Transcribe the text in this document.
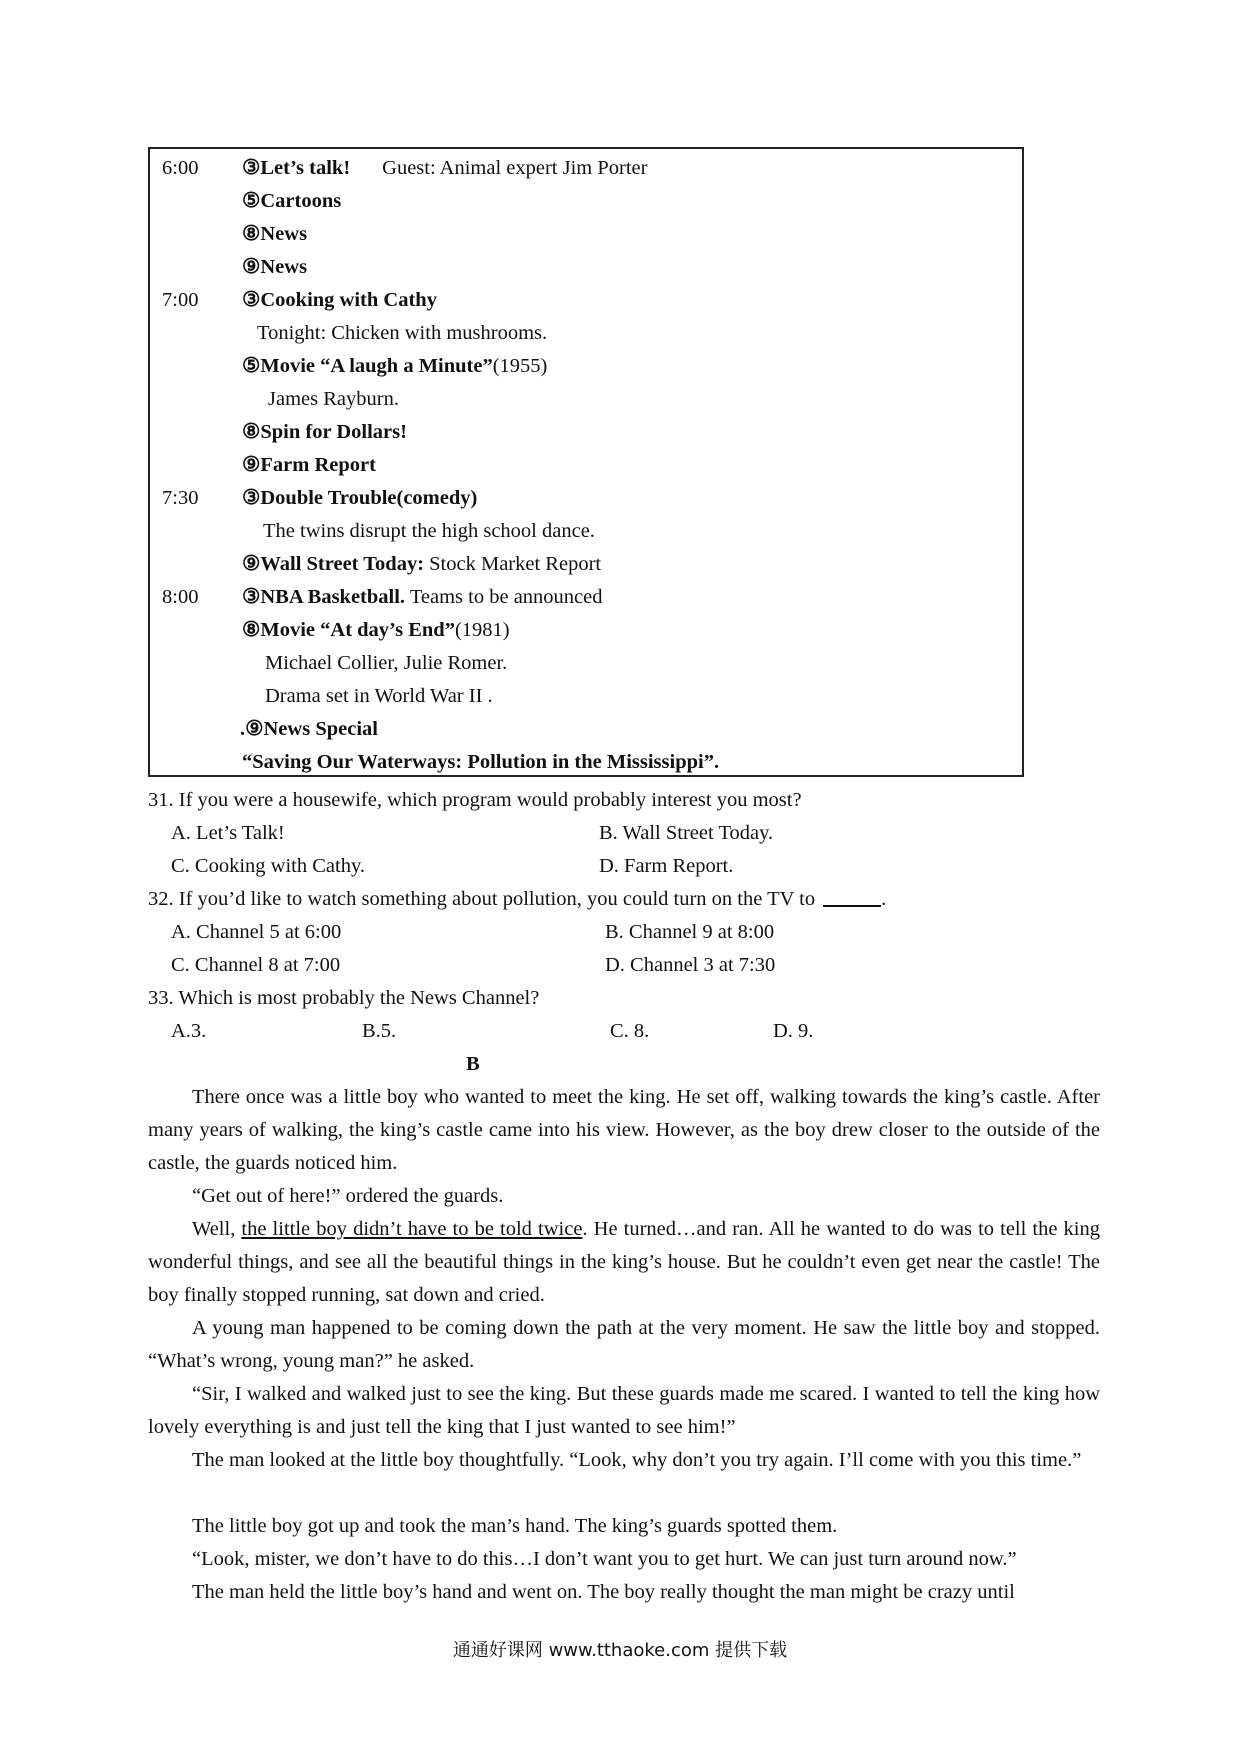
6:00 ③Let’s talk! Guest: Animal expert Jim Porter
⑤Cartoons
⑧News
⑨News
7:00 ③Cooking with Cathy
Tonight: Chicken with mushrooms.
⑤Movie “A laugh a Minute”(1955)
James Rayburn.
⑧Spin for Dollars!
⑨Farm Report
7:30 ③Double Trouble(comedy)
The twins disrupt the high school dance.
⑨Wall Street Today: Stock Market Report
8:00 ③NBA Basketball. Teams to be announced
⑧Movie “At day’s End”(1981)
Michael Collier, Julie Romer.
Drama set in World War II .
.⑨News Special
“Saving Our Waterways: Pollution in the Mississippi”.
31. If you were a housewife, which program would probably interest you most?
A. Let’s Talk!	B. Wall Street Today.
C. Cooking with Cathy.	D. Farm Report.
32. If you’d like to watch something about pollution, you could turn on the TV to	.
A. Channel 5 at 6:00	B. Channel 9 at 8:00
C. Channel 8 at 7:00	D. Channel 3 at 7:30
33. Which is most probably the News Channel?
A.3.	B.5.	C. 8.	D. 9.
B

There once was a little boy who wanted to meet the king. He set off, walking towards the king’s castle. After many years of walking, the king’s castle came into his view. However, as the boy drew closer to the outside of the castle, the guards noticed him.

“Get out of here!” ordered the guards.

Well, the little boy didn’t have to be told twice. He turned…and ran. All he wanted to do was to tell the king wonderful things, and see all the beautiful things in the king’s house. But he couldn’t even get near the castle! The boy finally stopped running, sat down and cried.

A young man happened to be coming down the path at the very moment. He saw the little boy and stopped. “What’s wrong, young man?” he asked.

“Sir, I walked and walked just to see the king. But these guards made me scared. I wanted to tell the king how lovely everything is and just tell the king that I just wanted to see him!”

The man looked at the little boy thoughtfully. “Look, why don’t you try again. I’ll come with you this time.”

The little boy got up and took the man’s hand. The king’s guards spotted them.

“Look, mister, we don’t have to do this…I don’t want you to get hurt. We can just turn around now.”

The man held the little boy’s hand and went on. The boy really thought the man might be crazy until

通通好课网 www.tthaoke.com 提供下载
